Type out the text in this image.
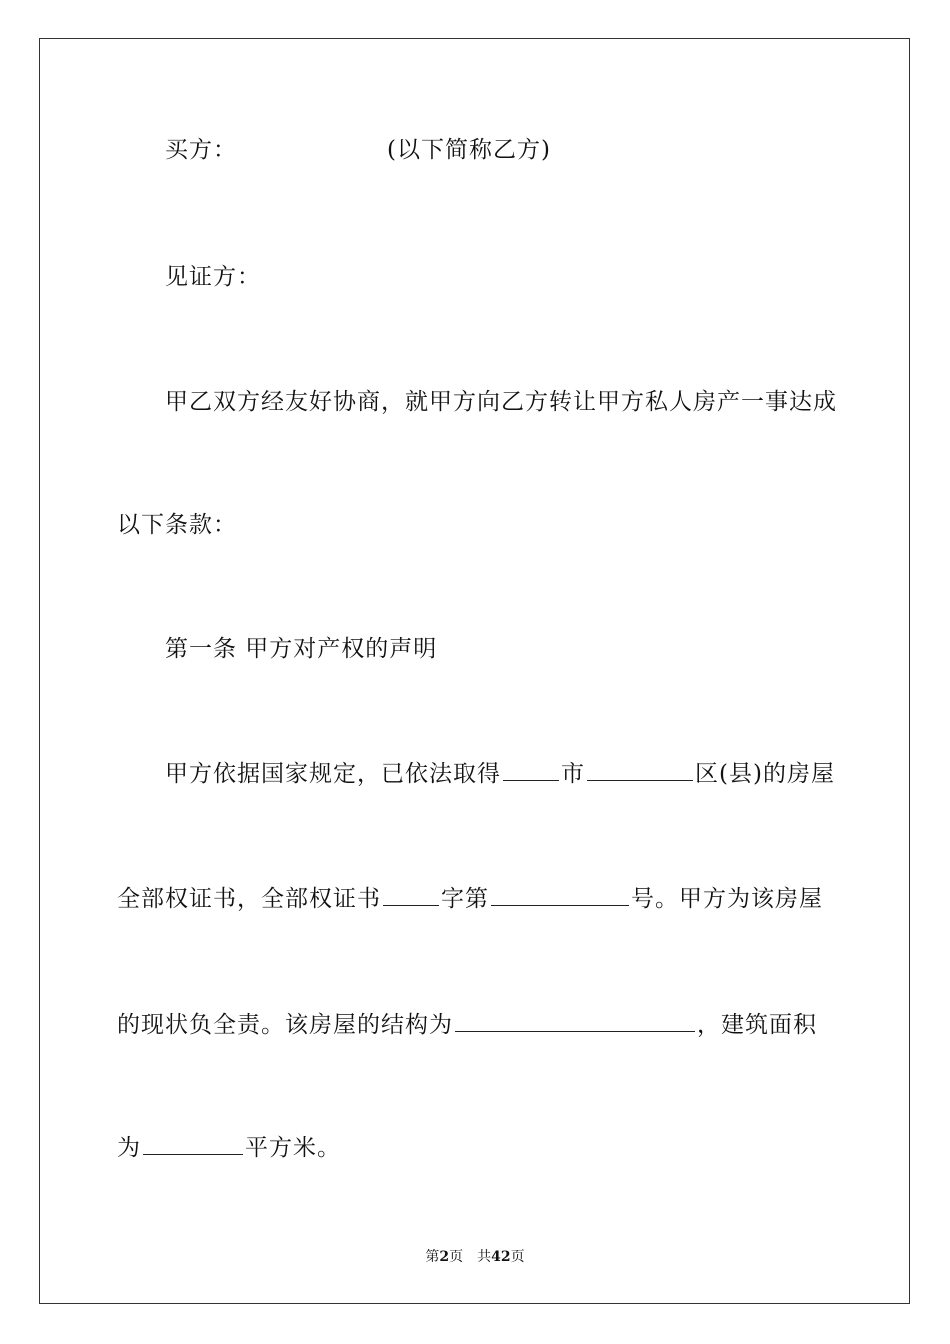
买方：	(以下简称乙方)
见证方：
甲乙双方经友好协商，就甲方向乙方转让甲方私人房产一事达成
以下条款：
第一条 甲方对产权的声明
甲方依据国家规定，已依法取得	市	区(县)的房屋
全部权证书，全部权证书	字第	号。甲方为该房屋
的现状负全责。该房屋的结构为	，建筑面积
为	平方米。
第2页 共42页
